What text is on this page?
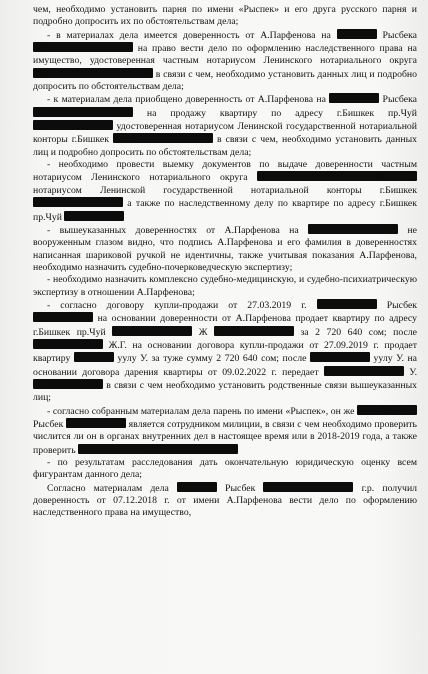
чем, необходимо установить парня по имени «Рыспек» и его друга русского парня и подробно допросить их по обстоятельствам дела;

- в материалах дела имеется доверенность от А.Парфенова на	Рысбека  на право вести дело по оформлению наследственного права на имущество, удостоверенная частным нотариусом Ленинского нотариального округа  в связи с чем, необходимо установить данных лиц и подробно допросить по обстоятельствам дела;

- к материалам дела приобщено доверенность от А.Парфенова на	Рысбека  на продажу квартиру по адресу г.Бишкек пр.Чуй  удостоверенная нотариусом Ленинской государственной нотариальной конторы г.Бишкек	в связи с чем, необходимо установить данных лиц и подробно допросить по обстоятельствам дела;

- необходимо провести выемку документов по выдаче доверенности частным нотариусом Ленинского нотариального округа  нотариусом Ленинской государственной нотариальной конторы г.Бишкек  а также по наследственному делу по квартире по адресу г.Бишкек пр.Чуй

- вышеуказанных доверенностях от А.Парфенова на	не вооруженным глазом видно, что подпись А.Парфенова и его фамилия в доверенностях написанная шариковой ручкой не идентичны, также учитывая показания А.Парфенова, необходимо назначить судебно-почерковедческую экспертизу;

- необходимо назначить комплексно судебно-медицинскую, и судебно-психиатрическую экспертизу в отношении А.Парфенова;

- согласно договору купли-продажи от 27.03.2019 г.	Рысбек  на основании доверенности от А.Парфенова продает квартиру по адресу г.Бишкек пр.Чуй	Ж	за 2 720 640 сом; после  Ж.Г. на основании договора купли-продажи от 27.09.2019 г. продает квартиру	уулу У. за туже сумму 2 720 640 сом; после	уулу У. на основании договора дарения квартиры от 09.02.2022 г. передает	У.  в связи с чем необходимо установить родственные связи вышеуказанных лиц;

- согласно собранным материалам дела парень по имени «Рыспек», он же  Рысбек	является сотрудником милиции, в связи с чем необходимо проверить числится ли он в органах внутренних дел в настоящее время или в 2018-2019 года, а также проверить

- по результатам расследования дать окончательную юридическую оценку всем фигурантам данного дела;

Согласно материалам дела	Рысбек	г.р. получил доверенность от 07.12.2018 г. от имени А.Парфенова вести дело по оформлению наследственного права на имущество,
